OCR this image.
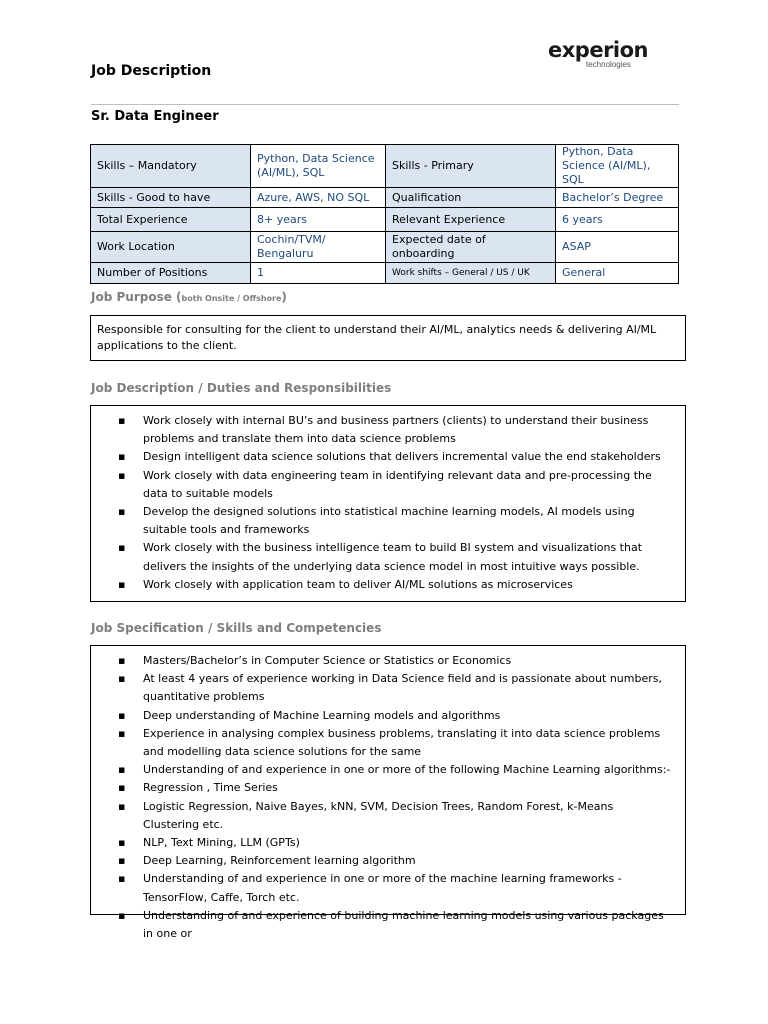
experion
technologies
Job Description
Sr. Data Engineer
Skills – Mandatory	Python, Data Science (AI/ML), SQL	Skills - Primary	Python, Data Science (AI/ML), SQL
Skills - Good to have	Azure, AWS, NO SQL	Qualification	Bachelor’s Degree
Total Experience	8+ years	Relevant Experience	6 years
Work Location	Cochin/TVM/ Bengaluru	Expected date of onboarding	ASAP
Number of Positions	1	Work shifts – General / US / UK	General
Job Purpose (both Onsite / Offshore)
Responsible for consulting for the client to understand their AI/ML, analytics needs & delivering AI/ML applications to the client.
Job Description / Duties and Responsibilities
▪ Work closely with internal BU’s and business partners (clients) to understand their business problems and translate them into data science problems
▪ Design intelligent data science solutions that delivers incremental value the end stakeholders
▪ Work closely with data engineering team in identifying relevant data and pre-processing the data to suitable models
▪ Develop the designed solutions into statistical machine learning models, AI models using suitable tools and frameworks
▪ Work closely with the business intelligence team to build BI system and visualizations that delivers the insights of the underlying data science model in most intuitive ways possible.
▪ Work closely with application team to deliver AI/ML solutions as microservices
Job Specification / Skills and Competencies
▪ Masters/Bachelor’s in Computer Science or Statistics or Economics
▪ At least 4 years of experience working in Data Science field and is passionate about numbers, quantitative problems
▪ Deep understanding of Machine Learning models and algorithms
▪ Experience in analysing complex business problems, translating it into data science problems and modelling data science solutions for the same
▪ Understanding of and experience in one or more of the following Machine Learning algorithms:-
▪ Regression , Time Series
▪ Logistic Regression, Naive Bayes, kNN, SVM, Decision Trees, Random Forest, k-Means Clustering etc.
▪ NLP, Text Mining, LLM (GPTs)
▪ Deep Learning, Reinforcement learning algorithm
▪ Understanding of and experience in one or more of the machine learning frameworks -TensorFlow, Caffe, Torch etc.
▪ Understanding of and experience of building machine learning models using various packages in one or
